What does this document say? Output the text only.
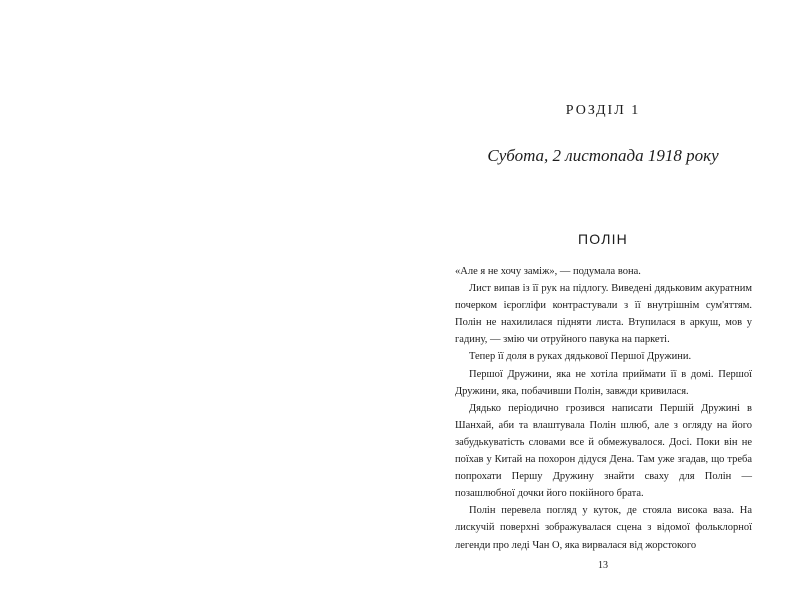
РОЗДІЛ 1
Субота, 2 листопада 1918 року
ПОЛІН

«Але я не хочу заміж», — подумала вона.

Лист випав із її рук на підлогу. Виведені дядьковим акуратним почерком ієрогліфи контрастували з її внутрішнім сум'яттям. Полін не нахилилася підняти листа. Втупилася в аркуш, мов у гадину, — змію чи отруйного павука на паркеті.

Тепер її доля в руках дядькової Першої Дружини.

Першої Дружини, яка не хотіла приймати її в домі. Першої Дружини, яка, побачивши Полін, завжди кривилася.

Дядько періодично грозився написати Першій Дружині в Шанхай, аби та влаштувала Полін шлюб, але з огляду на його забудькуватість словами все й обмежувалося. Досі. Поки він не поїхав у Китай на похорон дідуся Дена. Там уже згадав, що треба попрохати Першу Дружину знайти сваху для Полін — позашлюбної дочки його покійного брата.

Полін перевела погляд у куток, де стояла висока ваза. На лискучій поверхні зображувалася сцена з відомої фольклорної легенди про леді Чан О, яка вирвалася від жорстокого

13
